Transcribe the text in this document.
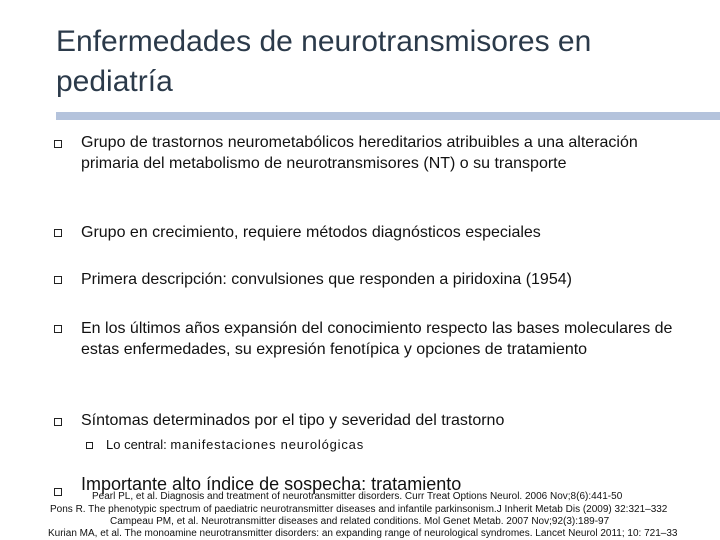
Enfermedades de neurotransmisores en pediatría
Grupo de trastornos neurometabólicos hereditarios atribuibles a una alteración primaria del metabolismo de neurotransmisores (NT) o su transporte
Grupo en crecimiento, requiere métodos diagnósticos especiales
Primera descripción: convulsiones que responden a piridoxina (1954)
En los últimos años expansión del conocimiento respecto las bases moleculares de estas enfermedades, su expresión fenotípica y opciones de tratamiento
Síntomas determinados por el tipo y severidad del trastorno
Lo central: manifestaciones neurológicas
Importante alto índice de sospecha: tratamiento
Pearl PL, et al. Diagnosis and treatment of neurotransmitter disorders. Curr Treat Options Neurol. 2006 Nov;8(6):441-50
Pons R. The phenotypic spectrum of paediatric neurotransmitter diseases and infantile parkinsonism.J Inherit Metab Dis (2009) 32:321–332
Campeau PM, et al. Neurotransmitter diseases and related conditions. Mol Genet Metab. 2007 Nov;92(3):189-97
Kurian MA, et al. The monoamine neurotransmitter disorders: an expanding range of neurological syndromes. Lancet Neurol 2011; 10: 721–33
